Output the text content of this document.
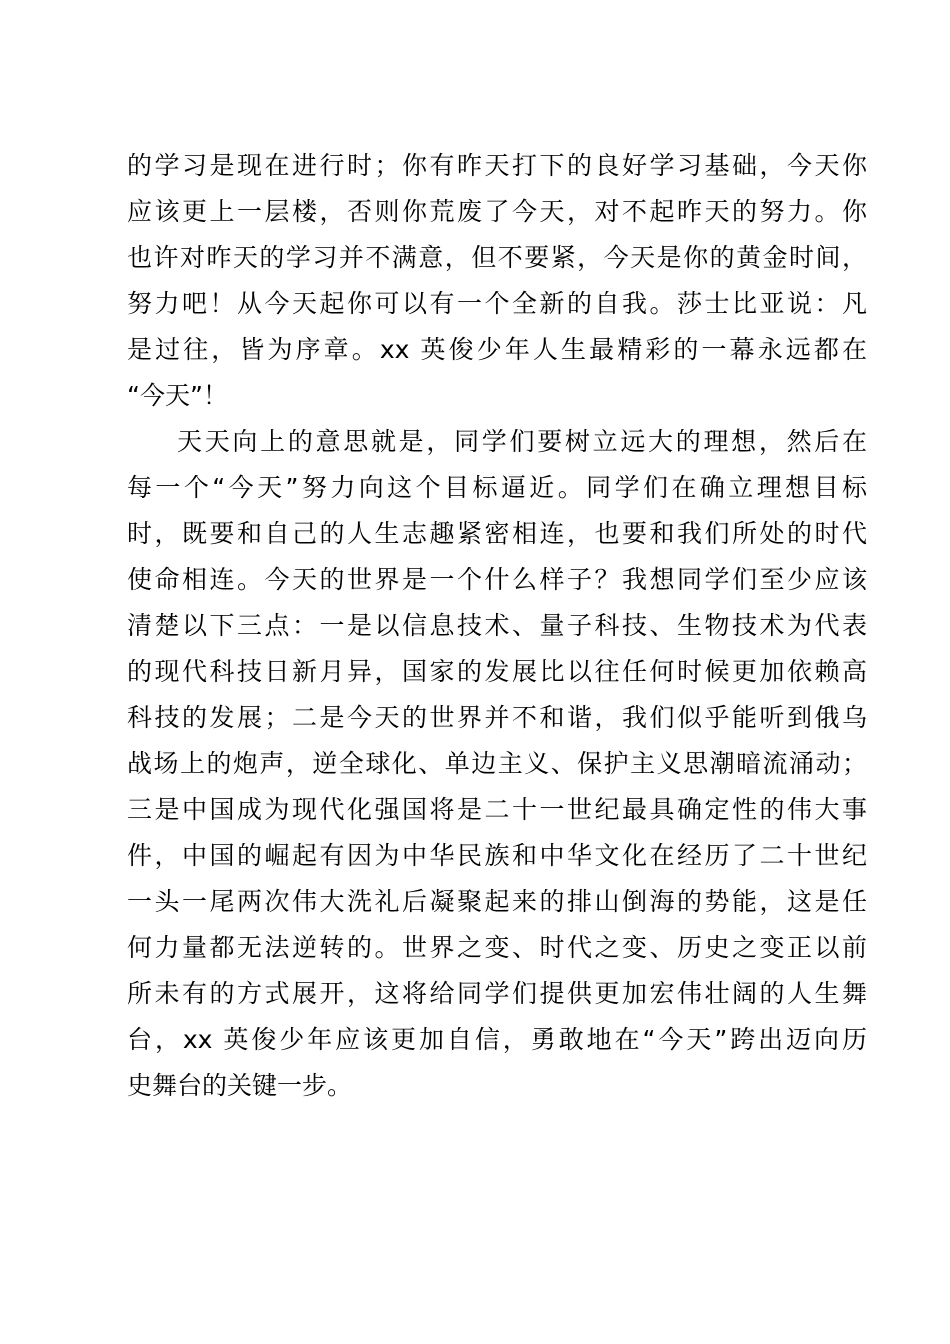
的学习是现在进行时；你有昨天打下的良好学习基础，今天你
应该更上一层楼，否则你荒废了今天，对不起昨天的努力。你
也许对昨天的学习并不满意，但不要紧，今天是你的黄金时间，
努力吧！从今天起你可以有一个全新的自我。莎士比亚说：凡
是过往，皆为序章。xx 英俊少年人生最精彩的一幕永远都在
“今天”！
天天向上的意思就是，同学们要树立远大的理想，然后在
每一个“今天”努力向这个目标逼近。同学们在确立理想目标
时，既要和自己的人生志趣紧密相连，也要和我们所处的时代
使命相连。今天的世界是一个什么样子？我想同学们至少应该
清楚以下三点：一是以信息技术、量子科技、生物技术为代表
的现代科技日新月异，国家的发展比以往任何时候更加依赖高
科技的发展；二是今天的世界并不和谐，我们似乎能听到俄乌
战场上的炮声，逆全球化、单边主义、保护主义思潮暗流涌动；
三是中国成为现代化强国将是二十一世纪最具确定性的伟大事
件，中国的崛起有因为中华民族和中华文化在经历了二十世纪
一头一尾两次伟大洗礼后凝聚起来的排山倒海的势能，这是任
何力量都无法逆转的。世界之变、时代之变、历史之变正以前
所未有的方式展开，这将给同学们提供更加宏伟壮阔的人生舞
台，xx 英俊少年应该更加自信，勇敢地在“今天”跨出迈向历
史舞台的关键一步。
